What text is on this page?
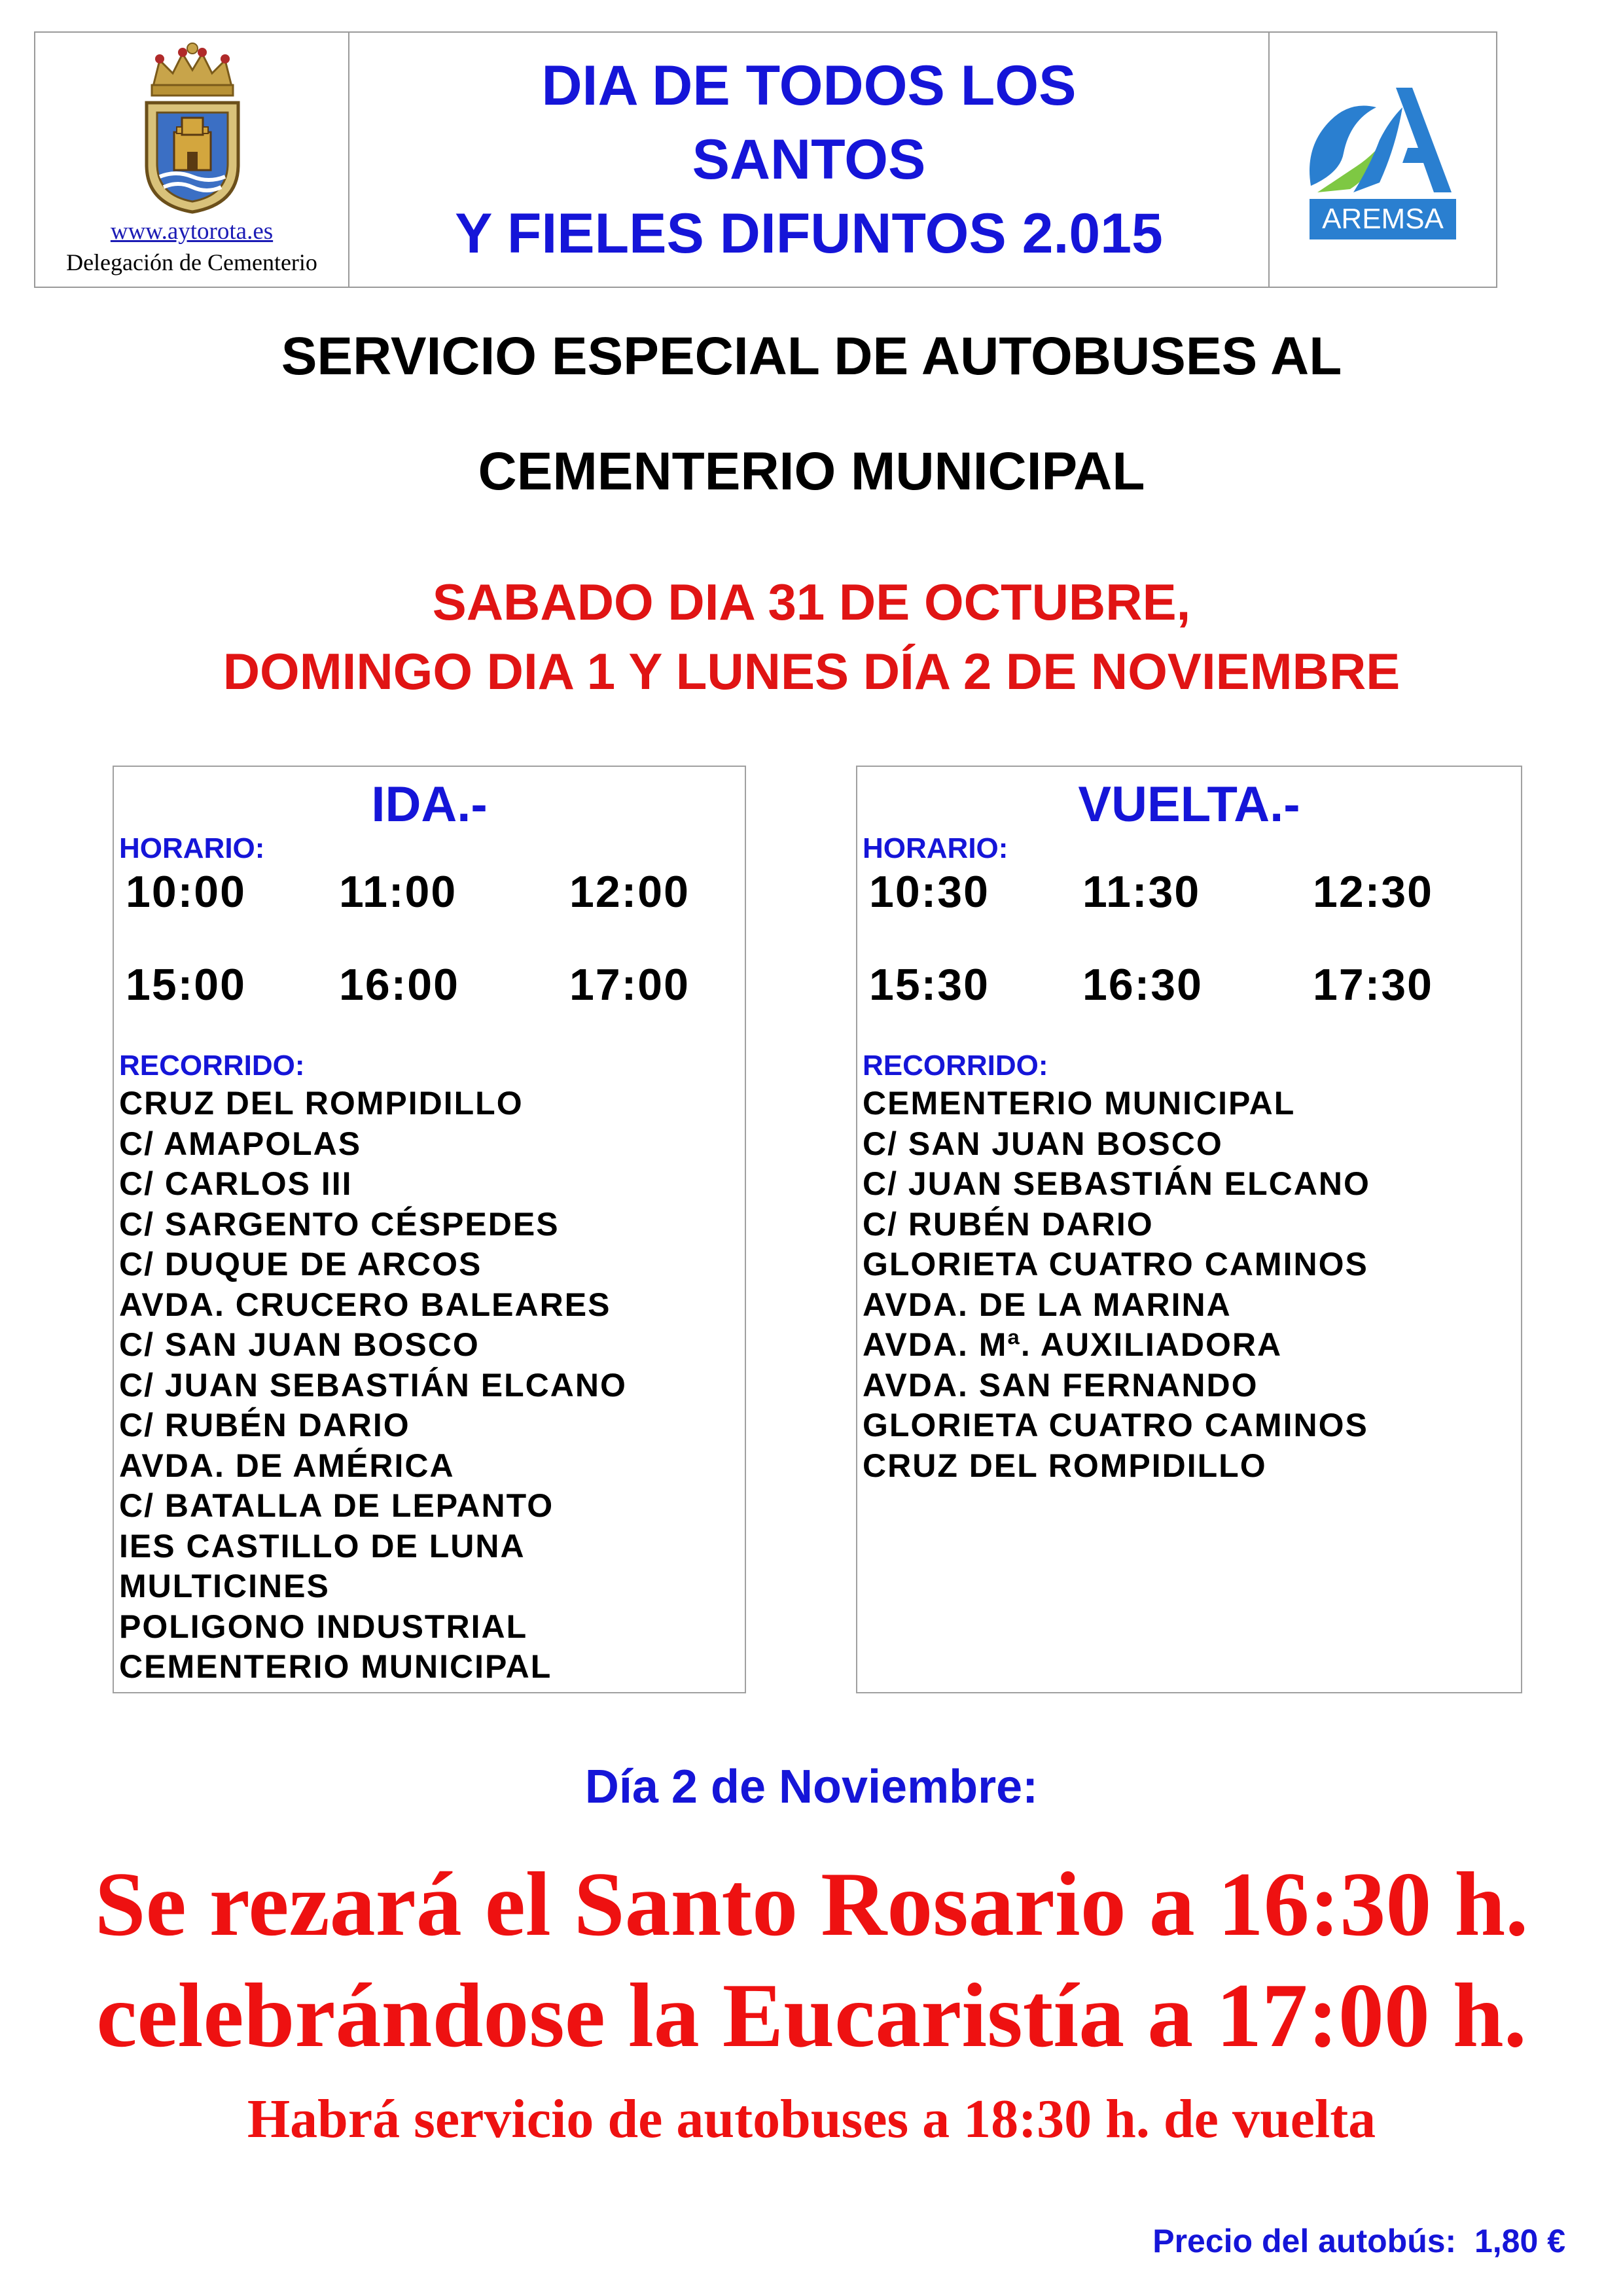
www.aytorota.es
Delegación de Cementerio

DIA DE TODOS LOS

SANTOS

Y FIELES DIFUNTOS 2.015	AREMSA

SERVICIO ESPECIAL DE AUTOBUSES AL

CEMENTERIO MUNICIPAL

SABADO DIA 31 DE OCTUBRE,

DOMINGO DIA 1 Y LUNES DÍA 2 DE NOVIEMBRE

IDA.-

HORARIO:
10:00 11:00	12:00
15:00 16:00 17:00
RECORRIDO:
CRUZ DEL ROMPIDILLO
C/ AMAPOLAS
C/ CARLOS III
C/ SARGENTO CÉSPEDES
C/ DUQUE DE ARCOS
AVDA. CRUCERO BALEARES
C/ SAN JUAN BOSCO
C/ JUAN SEBASTIÁN ELCANO
C/ RUBÉN DARIO
AVDA. DE AMÉRICA
C/ BATALLA DE LEPANTO
IES CASTILLO DE LUNA
MULTICINES
POLIGONO INDUSTRIAL
CEMENTERIO MUNICIPAL

VUELTA.-

HORARIO:
10:30 11:30	12:30
15:30 16:30 17:30
RECORRIDO:
CEMENTERIO MUNICIPAL
C/ SAN JUAN BOSCO
C/ JUAN SEBASTIÁN ELCANO
C/ RUBÉN DARIO
GLORIETA CUATRO CAMINOS
AVDA. DE LA MARINA
AVDA. Mª. AUXILIADORA
AVDA. SAN FERNANDO
GLORIETA CUATRO CAMINOS
CRUZ DEL ROMPIDILLO

Día 2 de Noviembre:

Se rezará el Santo Rosario a 16:30 h.

celebrándose la Eucaristía a 17:00 h.

Habrá servicio de autobuses a 18:30 h. de vuelta

Precio del autobús:  1,80 €
